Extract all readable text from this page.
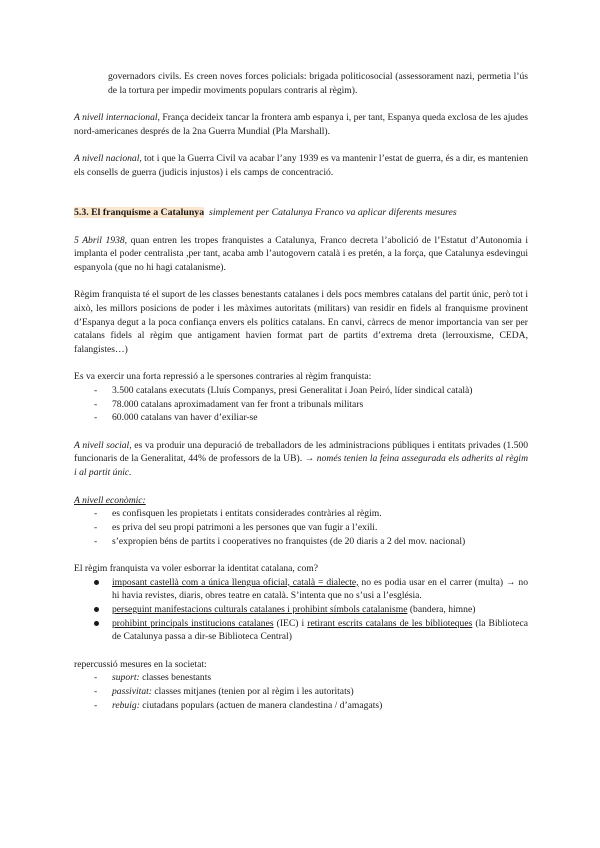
governadors civils. Es creen noves forces policials: brigada politicosocial (assessorament nazi, permetia l’ús de la tortura per impedir moviments populars contraris al règim).

A nivell internacional, França decideix tancar la frontera amb espanya i, per tant, Espanya queda exclosa de les ajudes nord-americanes després de la 2na Guerra Mundial (Pla Marshall).

A nivell nacional, tot i que la Guerra Civil va acabar l’any 1939 es va mantenir l’estat de guerra, és a dir, es mantenien els consells de guerra (judicis injustos) i els camps de concentració.

5.3. El franquisme a Catalunya simplement per Catalunya Franco va aplicar diferents mesures

5 Abril 1938, quan entren les tropes franquistes a Catalunya, Franco decreta l’abolició de l’Estatut d’Autonomia i implanta el poder centralista ,per tant, acaba amb l’autogovern català i es pretén, a la força, que Catalunya esdevingui espanyola (que no hi hagi catalanisme).

Règim franquista té el suport de les classes benestants catalanes i dels pocs membres catalans del partit únic, però tot i això, les millors posicions de poder i les màximes autoritats (militars) van residir en fidels al franquisme provinent d’Espanya degut a la poca confiança envers els polítics catalans. En canvi, càrrecs de menor importancia van ser per catalans fidels al règim que antigament havien format part de partits d’extrema dreta (lerrouxisme, CEDA, falangistes…)

Es va exercir una forta repressió a le spersones contraries al règim franquista:

- 3.500 catalans executats (Lluís Companys, presi Generalitat i Joan Peiró, líder sindical català)
- 78.000 catalans aproximadament van fer front a tribunals militars
- 60.000 catalans van haver d’exiliar-se

A nivell social, es va produir una depuració de treballadors de les administracions públiques i entitats privades (1.500 funcionaris de la Generalitat, 44% de professors de la UB). → només tenien la feina assegurada els adherits al règim i al partit únic.

A nivell econòmic:

- es confisquen les propietats i entitats considerades contràries al règim.
- es priva del seu propi patrimoni a les persones que van fugir a l’exili.
- s’expropien béns de partits i cooperatives no franquistes (de 20 diaris a 2 del mov. nacional)

El règim franquista va voler esborrar la identitat catalana, com?

imposant castellà com a única llengua oficial, català = dialecte, no es podia usar en el carrer (multa) → no hi havia revistes, diaris, obres teatre en català. S’intenta que no s’usi a l’església.
perseguint manifestacions culturals catalanes i prohibint símbols catalanisme (bandera, himne)
prohibint principals institucions catalanes (IEC) i retirant escrits catalans de les biblioteques (la Biblioteca de Catalunya passa a dir-se Biblioteca Central)

repercussió mesures en la societat:

- suport: classes benestants
- passivitat: classes mitjanes (tenien por al règim i les autoritats)
- rebuig: ciutadans populars (actuen de manera clandestina / d’amagats)
